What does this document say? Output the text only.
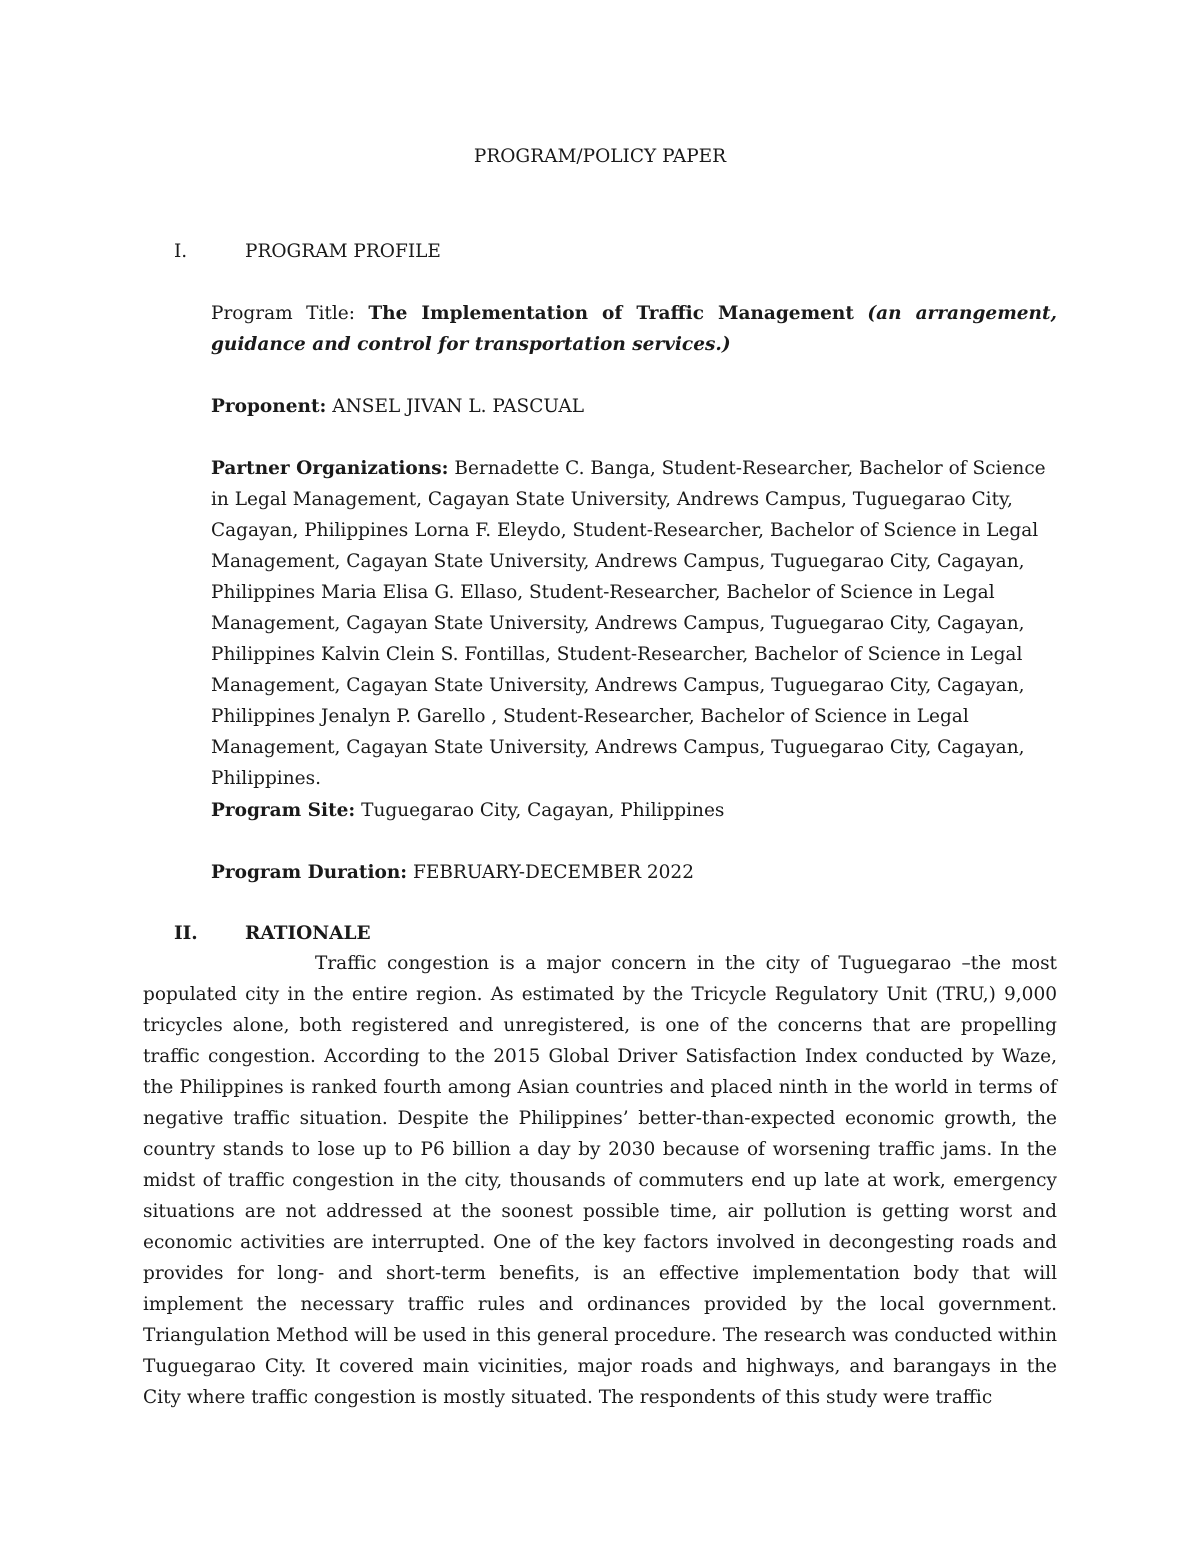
PROGRAM/POLICY PAPER
I.	PROGRAM PROFILE

Program Title: The Implementation of Traffic Management (an arrangement, guidance and control for transportation services.)

Proponent: ANSEL JIVAN L. PASCUAL

Partner Organizations: Bernadette C. Banga, Student-Researcher, Bachelor of Science in Legal Management, Cagayan State University, Andrews Campus, Tuguegarao City, Cagayan, Philippines Lorna F. Eleydo, Student-Researcher, Bachelor of Science in Legal Management, Cagayan State University, Andrews Campus, Tuguegarao City, Cagayan, Philippines Maria Elisa G. Ellaso, Student-Researcher, Bachelor of Science in Legal Management, Cagayan State University, Andrews Campus, Tuguegarao City, Cagayan, Philippines Kalvin Clein S. Fontillas, Student-Researcher, Bachelor of Science in Legal Management, Cagayan State University, Andrews Campus, Tuguegarao City, Cagayan, Philippines Jenalyn P. Garello , Student-Researcher, Bachelor of Science in Legal Management, Cagayan State University, Andrews Campus, Tuguegarao City, Cagayan, Philippines.

Program Site: Tuguegarao City, Cagayan, Philippines

Program Duration: FEBRUARY-DECEMBER 2022

II.	RATIONALE

Traffic congestion is a major concern in the city of Tuguegarao –the most populated city in the entire region. As estimated by the Tricycle Regulatory Unit (TRU,) 9,000 tricycles alone, both registered and unregistered, is one of the concerns that are propelling traffic congestion. According to the 2015 Global Driver Satisfaction Index conducted by Waze, the Philippines is ranked fourth among Asian countries and placed ninth in the world in terms of negative traffic situation. Despite the Philippines’ better-than-expected economic growth, the country stands to lose up to P6 billion a day by 2030 because of worsening traffic jams. In the midst of traffic congestion in the city, thousands of commuters end up late at work, emergency situations are not addressed at the soonest possible time, air pollution is getting worst and economic activities are interrupted. One of the key factors involved in decongesting roads and provides for long- and short-term benefits, is an effective implementation body that will implement the necessary traffic rules and ordinances provided by the local government. Triangulation Method will be used in this general procedure. The research was conducted within Tuguegarao City. It covered main vicinities, major roads and highways, and barangays in the City where traffic congestion is mostly situated. The respondents of this study were traffic
